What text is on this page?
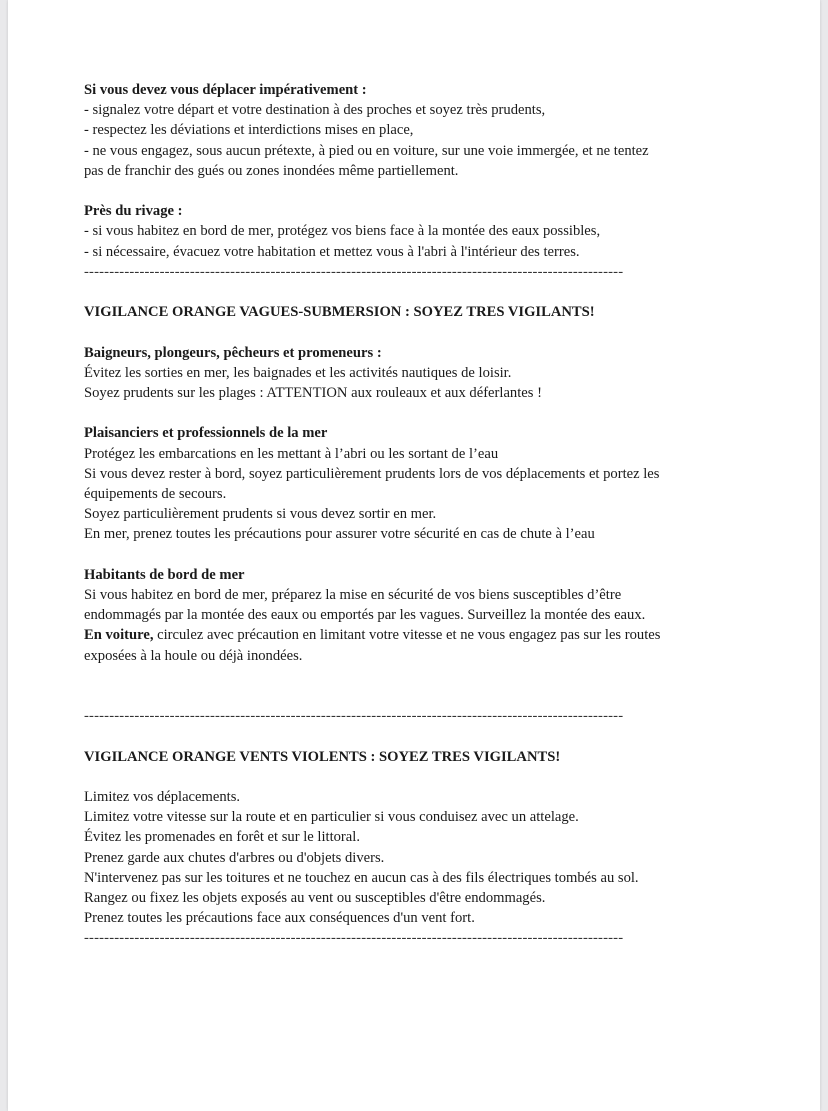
Si vous devez vous déplacer impérativement :
- signalez votre départ et votre destination à des proches et soyez très prudents,
- respectez les déviations et interdictions mises en place,
- ne vous engagez, sous aucun prétexte, à pied ou en voiture, sur une voie immergée, et ne tentez
pas de franchir des gués ou zones inondées même partiellement.
Près du rivage :
- si vous habitez en bord de mer, protégez vos biens face à la montée des eaux possibles,
- si nécessaire, évacuez votre habitation et mettez vous à l'abri à l'intérieur des terres.
-----------------------------------------------------------------------------------------------------------
VIGILANCE ORANGE VAGUES-SUBMERSION : SOYEZ TRES VIGILANTS!
Baigneurs, plongeurs, pêcheurs et promeneurs :
Évitez les sorties en mer, les baignades et les activités nautiques de loisir.
Soyez prudents sur les plages : ATTENTION aux rouleaux et aux déferlantes !
Plaisanciers et professionnels de la mer
Protégez les embarcations en les mettant à l’abri ou les sortant de l’eau
Si vous devez rester à bord, soyez particulièrement prudents lors de vos déplacements et portez les
équipements de secours.
Soyez particulièrement prudents si vous devez sortir en mer.
En mer, prenez toutes les précautions pour assurer votre sécurité en cas de chute à l’eau
Habitants de bord de mer
Si vous habitez en bord de mer, préparez la mise en sécurité de vos biens susceptibles d’être
endommagés par la montée des eaux ou emportés par les vagues. Surveillez la montée des eaux.
En voiture, circulez avec précaution en limitant votre vitesse et ne vous engagez pas sur les routes
exposées à la houle ou déjà inondées.
-----------------------------------------------------------------------------------------------------------
VIGILANCE ORANGE VENTS VIOLENTS : SOYEZ TRES VIGILANTS!
Limitez vos déplacements.
Limitez votre vitesse sur la route et en particulier si vous conduisez avec un attelage.
Évitez les promenades en forêt et sur le littoral.
Prenez garde aux chutes d'arbres ou d'objets divers.
N'intervenez pas sur les toitures et ne touchez en aucun cas à des fils électriques tombés au sol.
Rangez ou fixez les objets exposés au vent ou susceptibles d'être endommagés.
Prenez toutes les précautions face aux conséquences d'un vent fort.
-----------------------------------------------------------------------------------------------------------
